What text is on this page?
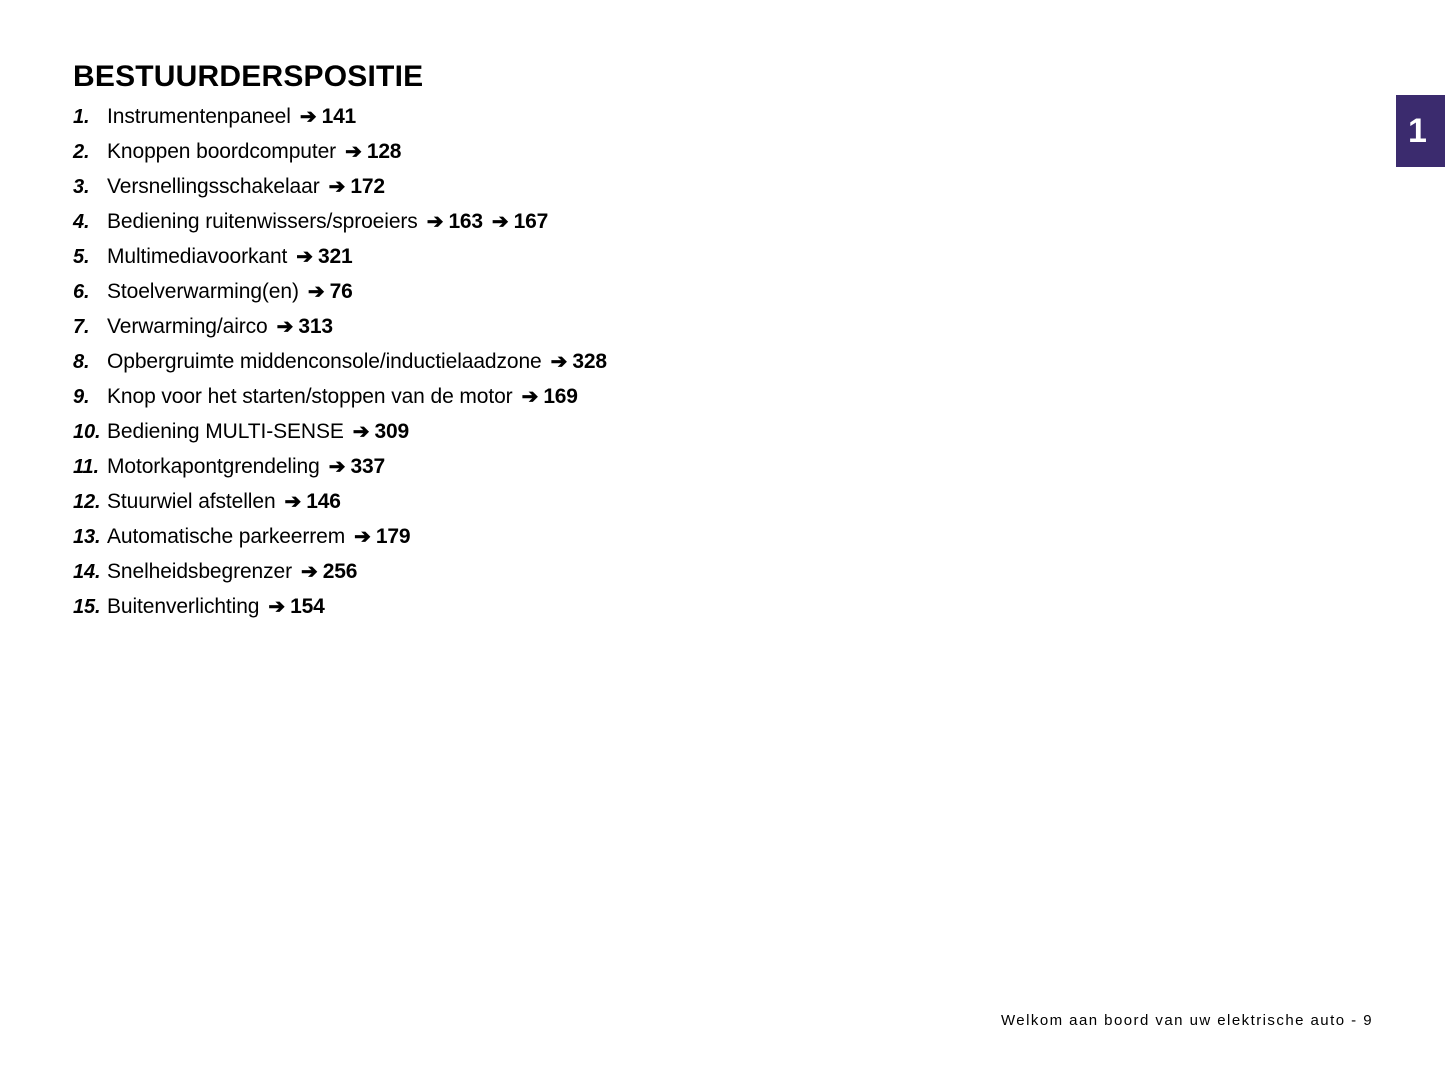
1
BESTUURDERSPOSITIE
1. Instrumentenpaneel ➔ 141
2. Knoppen boordcomputer ➔ 128
3. Versnellingsschakelaar ➔ 172
4. Bediening ruitenwissers/sproeiers ➔ 163 ➔ 167
5. Multimediavoorkant ➔ 321
6. Stoelverwarming(en) ➔ 76
7. Verwarming/airco ➔ 313
8. Opbergruimte middenconsole/inductielaadzone ➔ 328
9. Knop voor het starten/stoppen van de motor ➔ 169
10. Bediening MULTI-SENSE ➔ 309
11. Motorkapontgrendeling ➔ 337
12. Stuurwiel afstellen ➔ 146
13. Automatische parkeerrem ➔ 179
14. Snelheidsbegrenzer ➔ 256
15. Buitenverlichting ➔ 154
Welkom aan boord van uw elektrische auto - 9
